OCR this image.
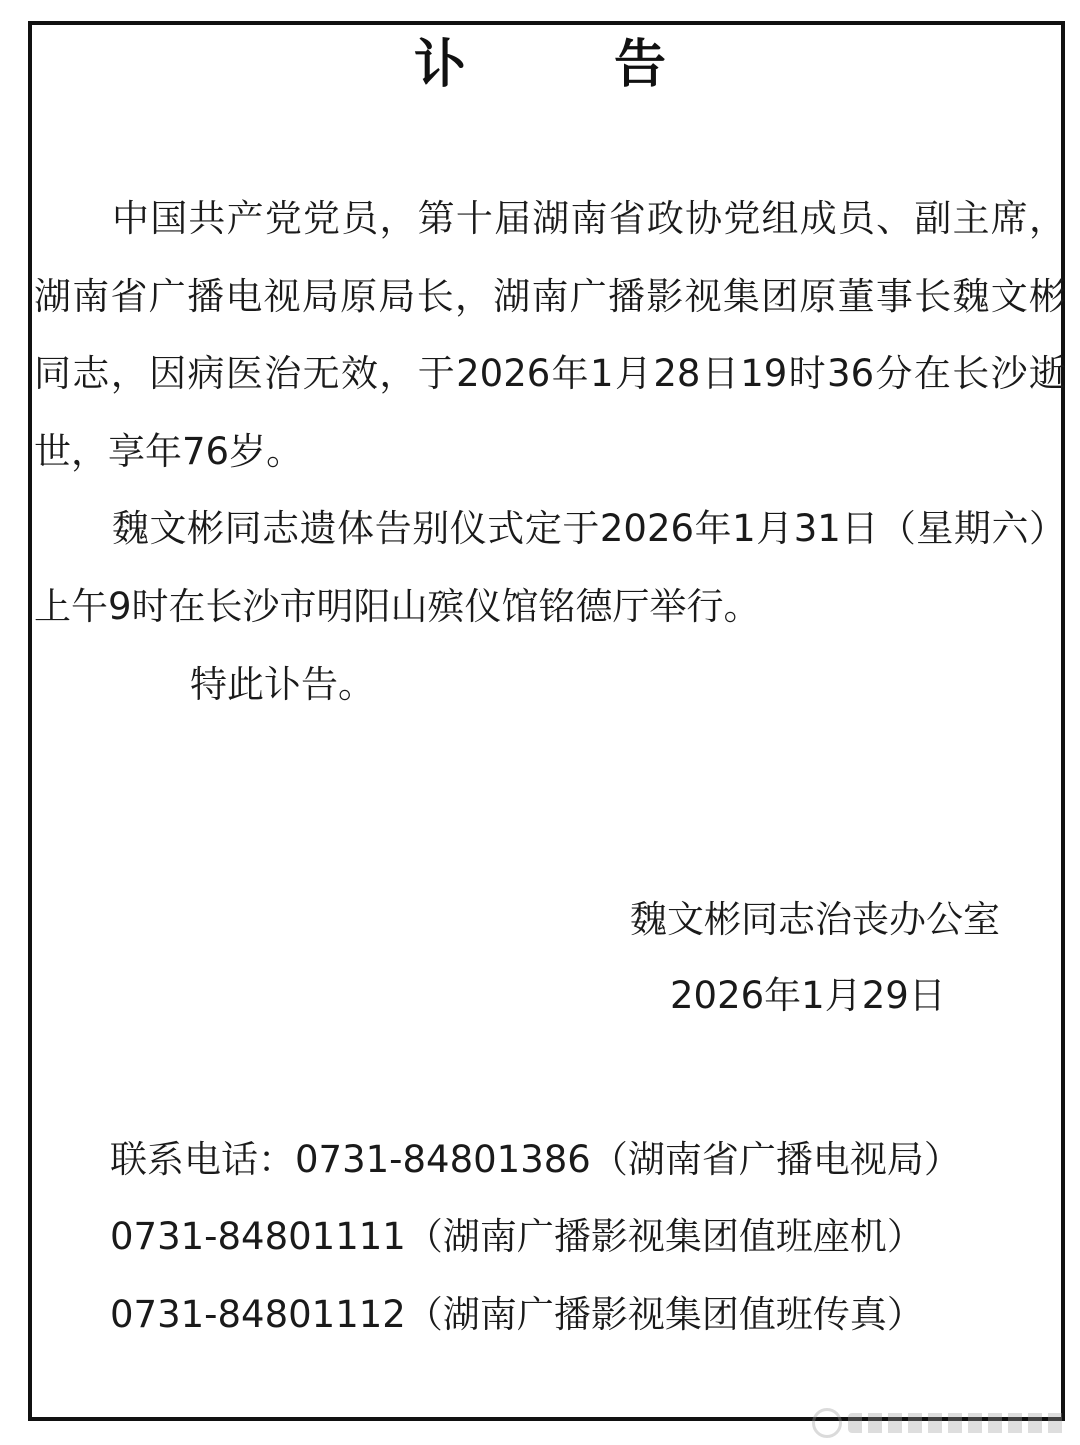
讣　告
中国共产党党员，第十届湖南省政协党组成员、副主席，湖南省广播电视局原局长，湖南广播影视集团原董事长魏文彬同志，因病医治无效，于2026年1月28日19时36分在长沙逝世，享年76岁。
魏文彬同志遗体告别仪式定于2026年1月31日（星期六）上午9时在长沙市明阳山殡仪馆铭德厅举行。
特此讣告。
魏文彬同志治丧办公室
2026年1月29日
联系电话：0731-84801386（湖南省广播电视局）
0731-84801111（湖南广播影视集团值班座机）
0731-84801112（湖南广播影视集团值班传真）
